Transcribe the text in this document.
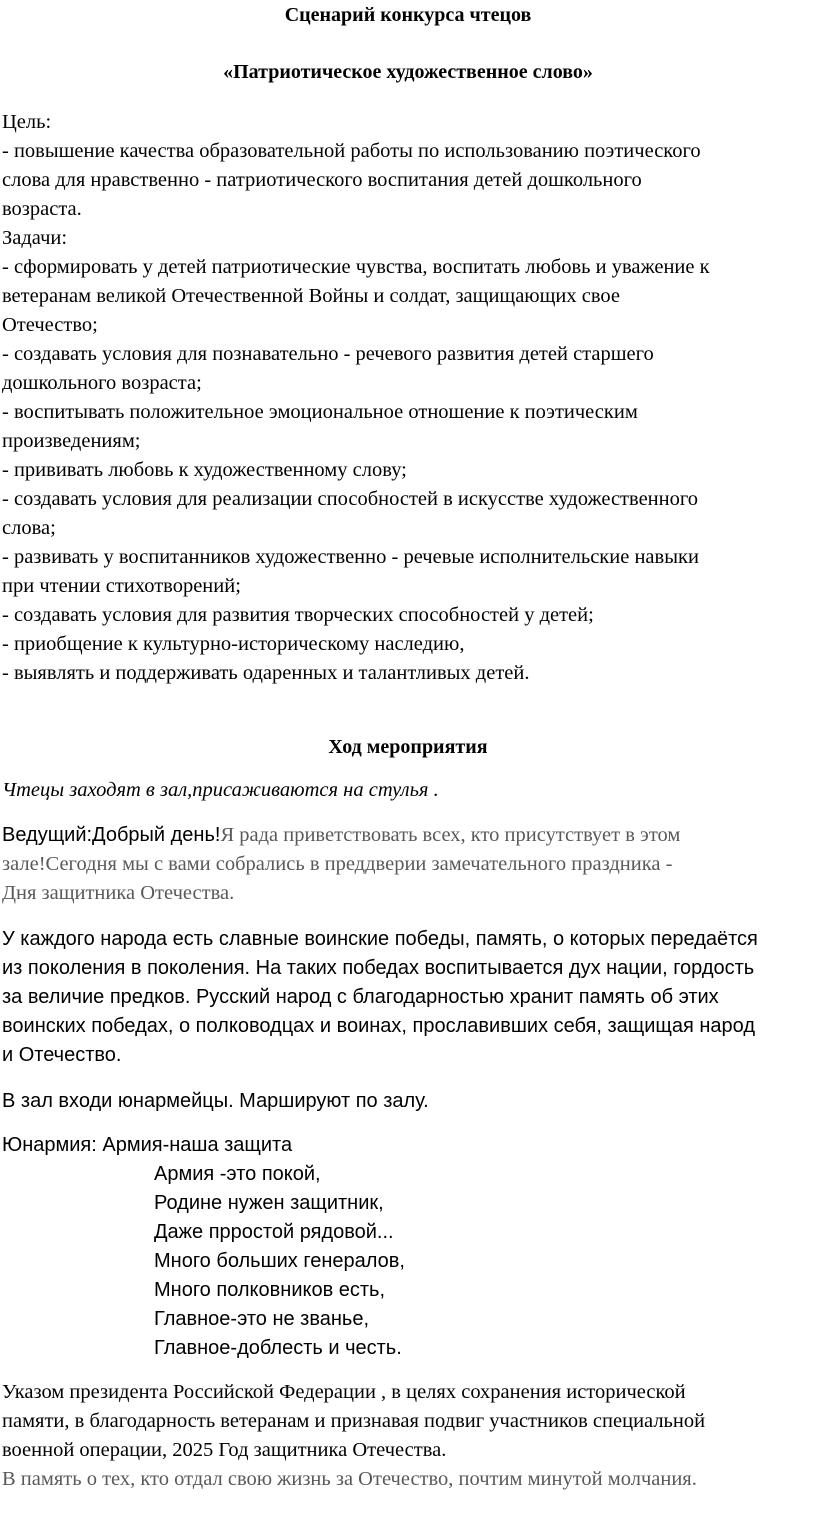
Сценарий конкурса чтецов
«Патриотическое художественное слово»
Цель:
- повышение качества образовательной работы по использованию поэтического
слова для нравственно - патриотического воспитания детей дошкольного
возраста.
Задачи:
- сформировать у детей патриотические чувства, воспитать любовь и уважение к
ветеранам великой Отечественной Войны и солдат, защищающих свое
Отечество;
- создавать условия для познавательно - речевого развития детей старшего
дошкольного возраста;
- воспитывать положительное эмоциональное отношение к поэтическим
произведениям;
- прививать любовь к художественному слову;
- создавать условия для реализации способностей в искусстве художественного
слова;
- развивать у воспитанников художественно - речевые исполнительские навыки
при чтении стихотворений;
- создавать условия для развития творческих способностей у детей;
- приобщение к культурно-историческому наследию,
- выявлять и поддерживать одаренных и талантливых детей.
Ход мероприятия
Чтецы заходят в зал,присаживаются на стулья .
Ведущий:Добрый день!Я рада приветствовать всех, кто присутствует в этом
зале!Сегодня мы с вами собрались в преддверии замечательного праздника -
Дня защитника Отечества.
У каждого народа есть славные воинские победы, память, о которых передаётся
из поколения в поколения. На таких победах воспитывается дух нации, гордость
за величие предков. Русский народ с благодарностью хранит память об этих
воинских победах, о полководцах и воинах, прославивших себя, защищая народ
и Отечество.
В зал входи юнармейцы. Маршируют по залу.
Юнармия: Армия-наша защита
Армия -это покой,
Родине нужен защитник,
Даже прростой рядовой...
Много больших генералов,
Много полковников есть,
Главное-это не званье,
Главное-доблесть и честь.
Указом президента Российской Федерации , в целях сохранения исторической
памяти, в благодарность ветеранам и признавая подвиг участников специальной
военной операции, 2025 Год защитника Отечества.
В память о тех, кто отдал свою жизнь за Отечество, почтим минутой молчания.
